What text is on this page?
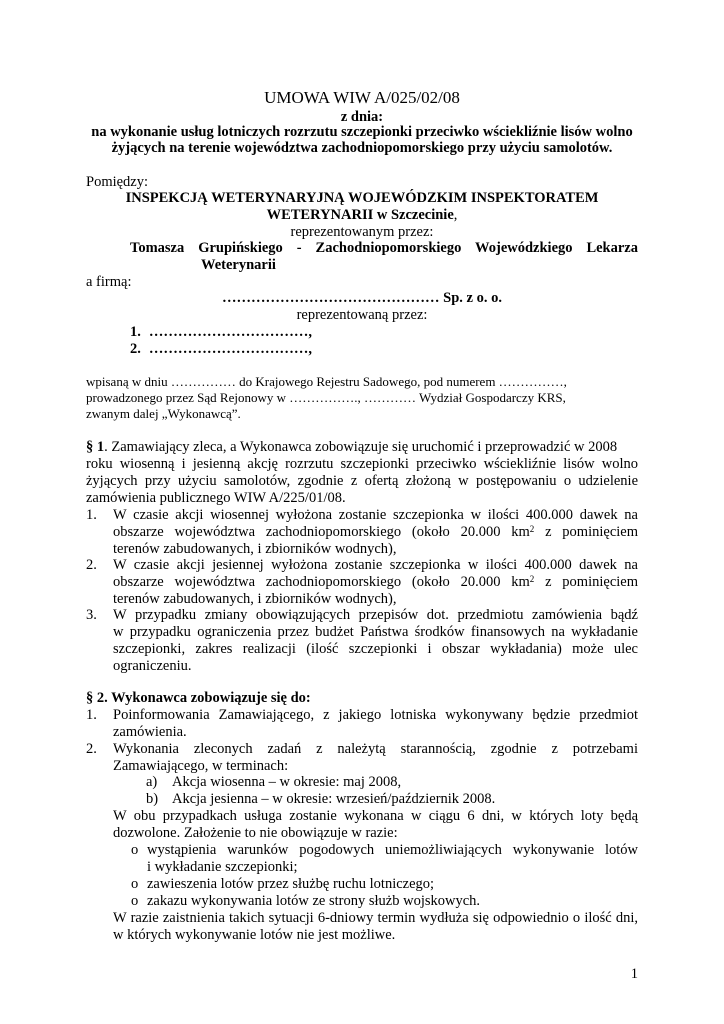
UMOWA WIW A/025/02/08
z dnia:
na wykonanie usług lotniczych rozrzutu szczepionki przeciwko wściekliźnie lisów wolno
żyjących na terenie województwa zachodniopomorskiego przy użyciu samolotów.
Pomiędzy:
INSPEKCJĄ WETERYNARYJNĄ WOJEWÓDZKIM INSPEKTORATEM
WETERYNARII w Szczecinie,
reprezentowanym przez:
Tomasza Grupińskiego - Zachodniopomorskiego Wojewódzkiego Lekarza
Weterynarii
a firmą:
……………………………………… Sp. z o. o.
reprezentowaną przez:
1. ……………………………,
2. ……………………………,
wpisaną w dniu …………… do Krajowego Rejestru Sadowego, pod numerem ……………,
prowadzonego przez Sąd Rejonowy w ……………., ………… Wydział Gospodarczy KRS,
zwanym dalej „Wykonawcą”.
§ 1. Zamawiający zleca, a Wykonawca zobowiązuje się uruchomić i przeprowadzić w 2008
roku wiosenną i jesienną akcję rozrzutu szczepionki przeciwko wściekliźnie lisów wolno
żyjących przy użyciu samolotów, zgodnie z ofertą złożoną w postępowaniu o udzielenie
zamówienia publicznego WIW A/225/01/08.
1. W czasie akcji wiosennej wyłożona zostanie szczepionka w ilości 400.000 dawek na
obszarze województwa zachodniopomorskiego (około 20.000 $km^2$ z pominięciem
terenów zabudowanych, i zbiorników wodnych),
2. W czasie akcji jesiennej wyłożona zostanie szczepionka w ilości 400.000 dawek na
obszarze województwa zachodniopomorskiego (około 20.000 $km^2$ z pominięciem
terenów zabudowanych, i zbiorników wodnych),
3. W przypadku zmiany obowiązujących przepisów dot. przedmiotu zamówienia bądź
w przypadku ograniczenia przez budżet Państwa środków finansowych na wykładanie
szczepionki, zakres realizacji (ilość szczepionki i obszar wykładania) może ulec
ograniczeniu.
§ 2. Wykonawca zobowiązuje się do:
1. Poinformowania Zamawiającego, z jakiego lotniska wykonywany będzie przedmiot
zamówienia.
2. Wykonania zleconych zadań z należytą starannością, zgodnie z potrzebami
Zamawiającego, w terminach:
a) Akcja wiosenna – w okresie: maj 2008,
b) Akcja jesienna – w okresie: wrzesień/październik 2008.
W obu przypadkach usługa zostanie wykonana w ciągu 6 dni, w których loty będą
dozwolone. Założenie to nie obowiązuje w razie:
o wystąpienia warunków pogodowych uniemożliwiających wykonywanie lotów
i wykładanie szczepionki;
o zawieszenia lotów przez służbę ruchu lotniczego;
o zakazu wykonywania lotów ze strony służb wojskowych.
W razie zaistnienia takich sytuacji 6-dniowy termin wydłuża się odpowiednio o ilość dni,
w których wykonywanie lotów nie jest możliwe.
1
